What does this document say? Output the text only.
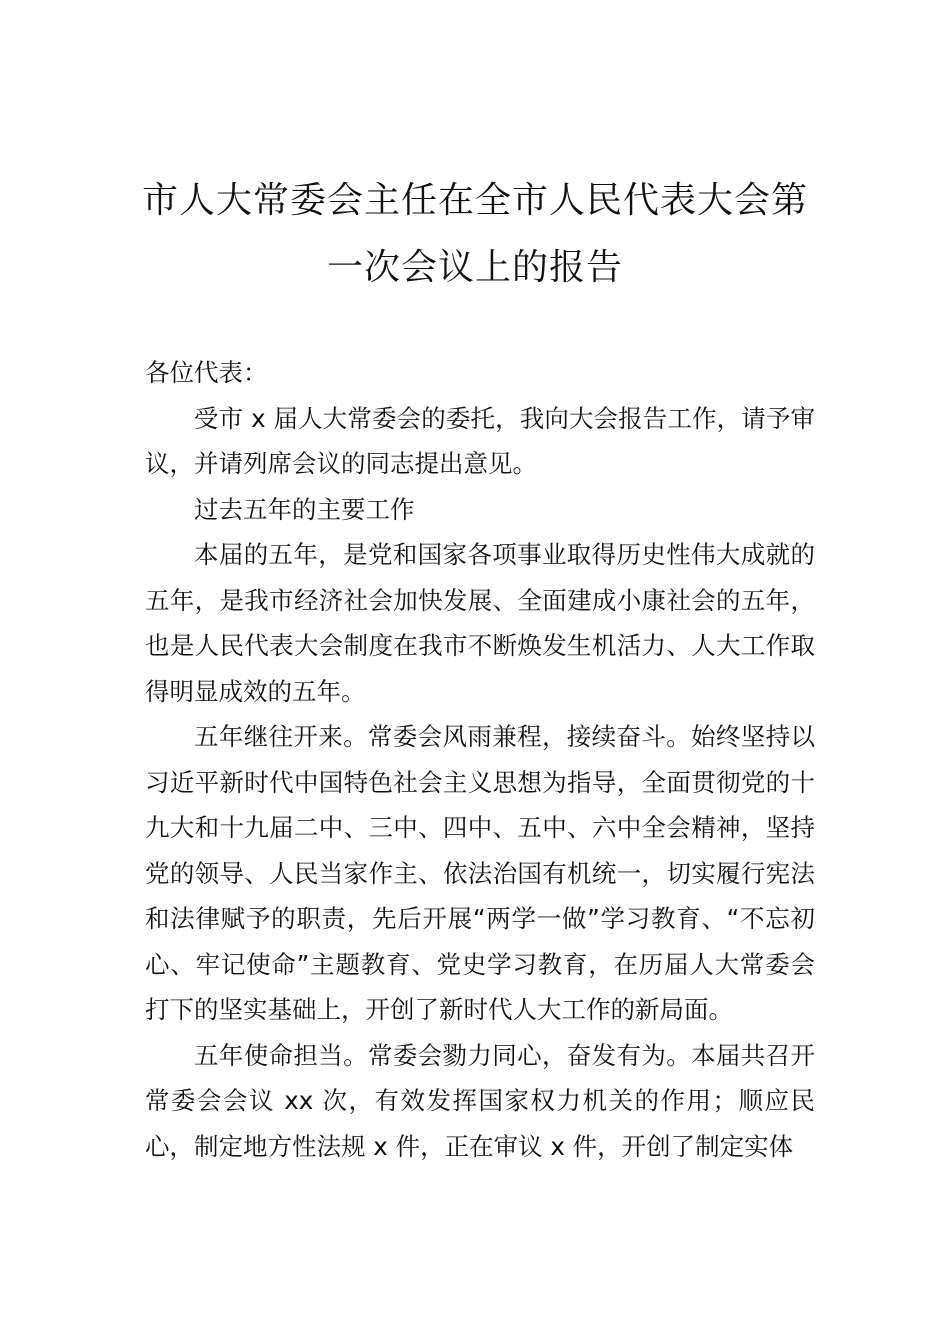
市人大常委会主任在全市人民代表大会第
一次会议上的报告

各位代表：

受市 x 届人大常委会的委托，我向大会报告工作，请予审议，并请列席会议的同志提出意见。

过去五年的主要工作

本届的五年，是党和国家各项事业取得历史性伟大成就的五年，是我市经济社会加快发展、全面建成小康社会的五年，也是人民代表大会制度在我市不断焕发生机活力、人大工作取得明显成效的五年。

五年继往开来。常委会风雨兼程，接续奋斗。始终坚持以习近平新时代中国特色社会主义思想为指导，全面贯彻党的十九大和十九届二中、三中、四中、五中、六中全会精神，坚持党的领导、人民当家作主、依法治国有机统一，切实履行宪法和法律赋予的职责，先后开展“两学一做”学习教育、“不忘初心、牢记使命”主题教育、党史学习教育，在历届人大常委会打下的坚实基础上，开创了新时代人大工作的新局面。

五年使命担当。常委会勠力同心，奋发有为。本届共召开常委会会议 xx 次，有效发挥国家权力机关的作用；顺应民心，制定地方性法规 x 件，正在审议 x 件，开创了制定实体
